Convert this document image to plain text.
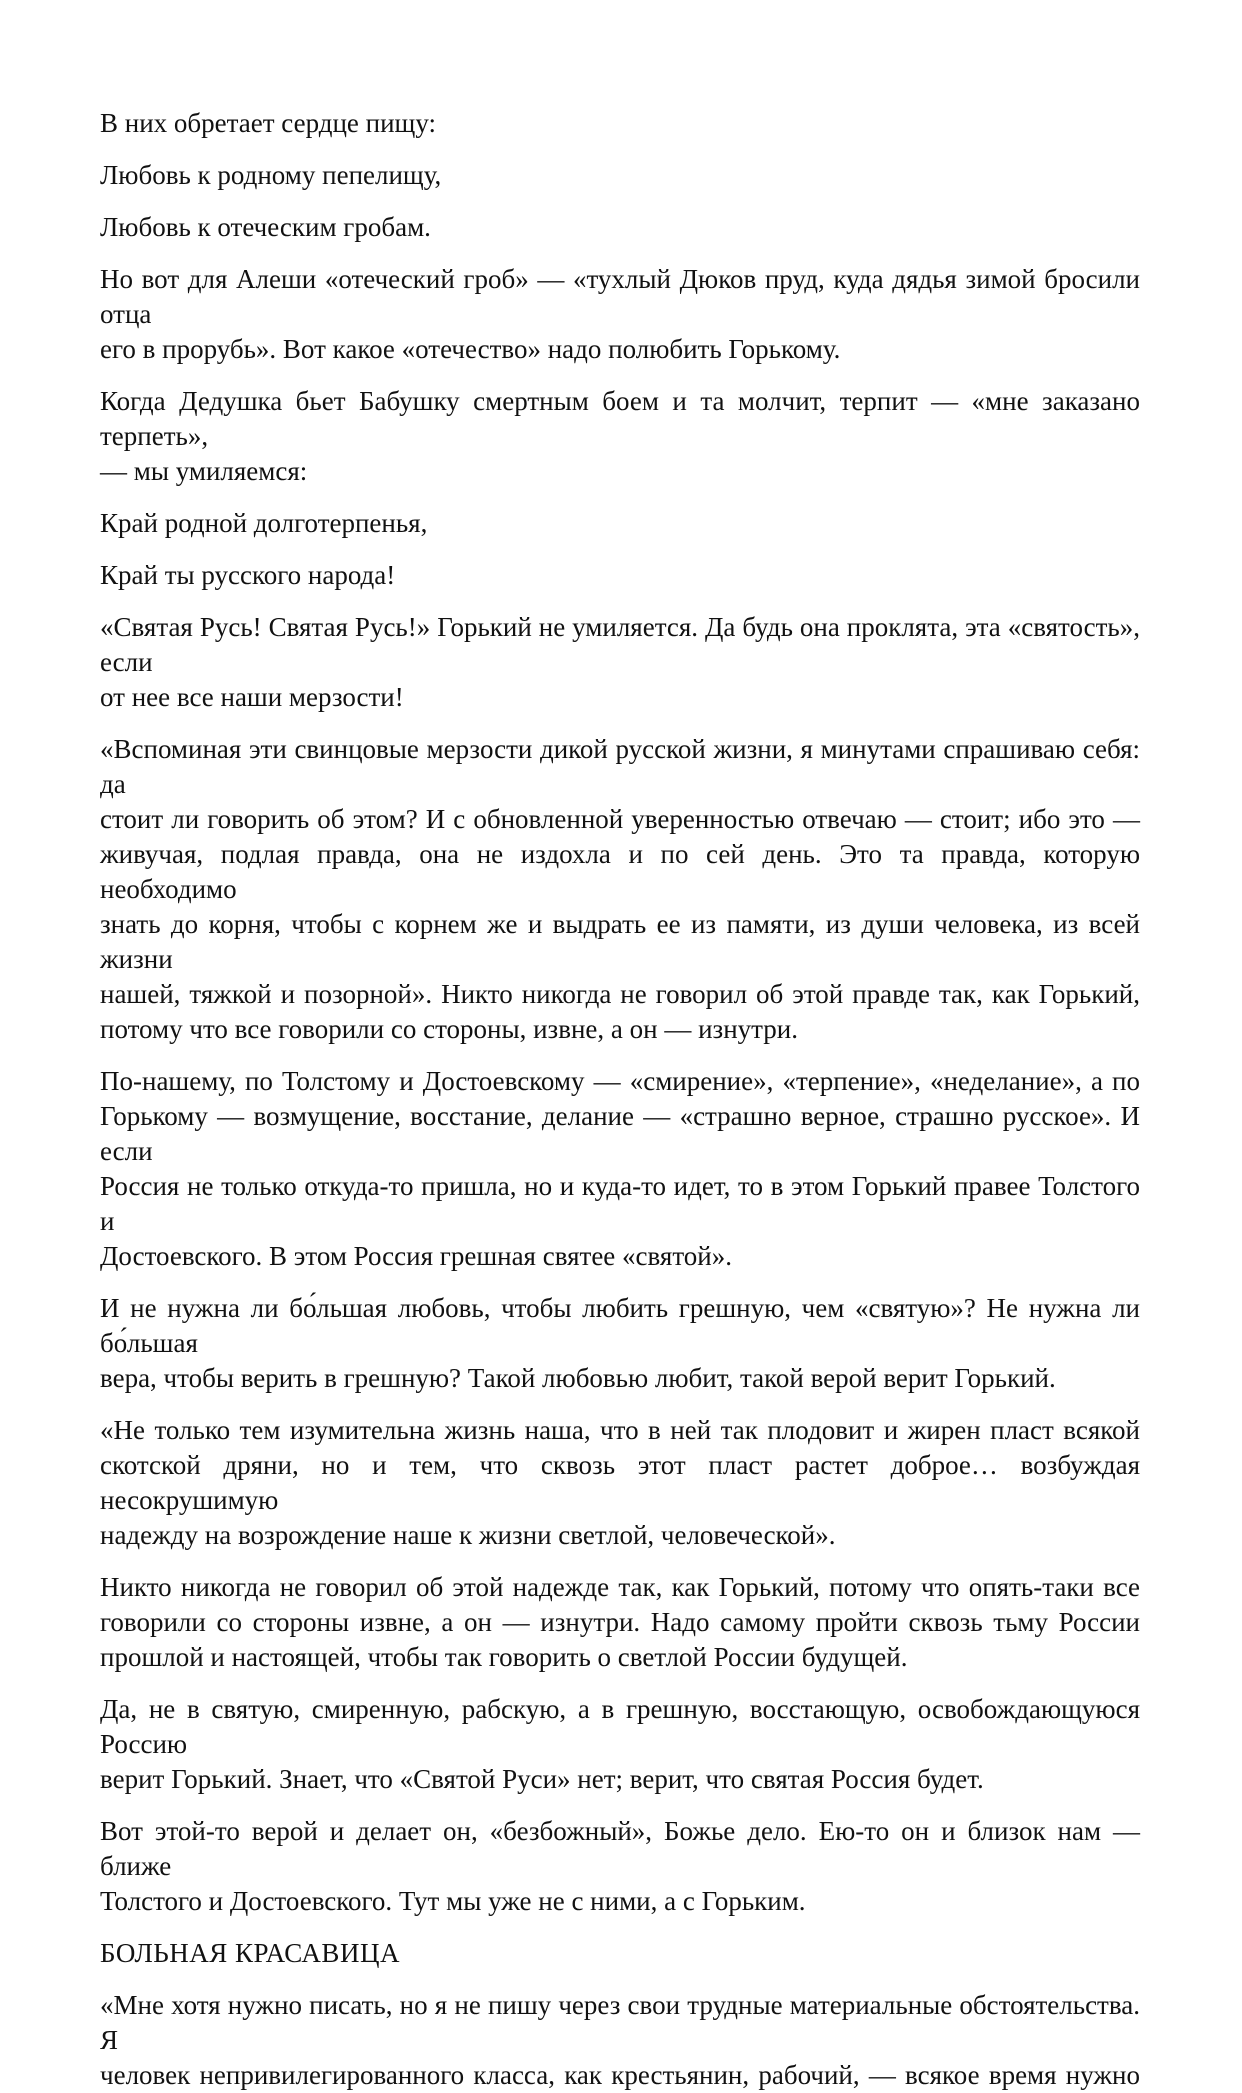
В них обретает сердце пищу:
Любовь к родному пепелищу,
Любовь к отеческим гробам.
Но вот для Алеши «отеческий гроб» — «тухлый Дюков пруд, куда дядья зимой бросили отца
его в прорубь». Вот какое «отечество» надо полюбить Горькому.
Когда Дедушка бьет Бабушку смертным боем и та молчит, терпит — «мне заказано терпеть»,
— мы умиляемся:
Край родной долготерпенья,
Край ты русского народа!
«Святая Русь! Святая Русь!» Горький не умиляется. Да будь она проклята, эта «святость», если
от нее все наши мерзости!
«Вспоминая эти свинцовые мерзости дикой русской жизни, я минутами спрашиваю себя: да
стоит ли говорить об этом? И с обновленной уверенностью отвечаю — стоит; ибо это —
живучая, подлая правда, она не издохла и по сей день. Это та правда, которую необходимо
знать до корня, чтобы с корнем же и выдрать ее из памяти, из души человека, из всей жизни
нашей, тяжкой и позорной». Никто никогда не говорил об этой правде так, как Горький,
потому что все говорили со стороны, извне, а он — изнутри.
По-нашему, по Толстому и Достоевскому — «смирение», «терпение», «неделание», а по
Горькому — возмущение, восстание, делание — «страшно верное, страшно русское». И если
Россия не только откуда-то пришла, но и куда-то идет, то в этом Горький правее Толстого и
Достоевского. В этом Россия грешная святее «святой».
И не нужна ли бо́льшая любовь, чтобы любить грешную, чем «святую»? Не нужна ли бо́льшая
вера, чтобы верить в грешную? Такой любовью любит, такой верой верит Горький.
«Не только тем изумительна жизнь наша, что в ней так плодовит и жирен пласт всякой
скотской дряни, но и тем, что сквозь этот пласт растет доброе… возбуждая несокрушимую
надежду на возрождение наше к жизни светлой, человеческой».
Никто никогда не говорил об этой надежде так, как Горький, потому что опять-таки все
говорили со стороны извне, а он — изнутри. Надо самому пройти сквозь тьму России
прошлой и настоящей, чтобы так говорить о светлой России будущей.
Да, не в святую, смиренную, рабскую, а в грешную, восстающую, освобождающуюся Россию
верит Горький. Знает, что «Святой Руси» нет; верит, что святая Россия будет.
Вот этой-то верой и делает он, «безбожный», Божье дело. Ею-то он и близок нам — ближе
Толстого и Достоевского. Тут мы уже не с ними, а с Горьким.
БОЛЬНАЯ КРАСАВИЦА
«Мне хотя нужно писать, но я не пишу через свои трудные материальные обстоятельства. Я
человек непривилегированного класса, как крестьянин, рабочий, — всякое время нужно
